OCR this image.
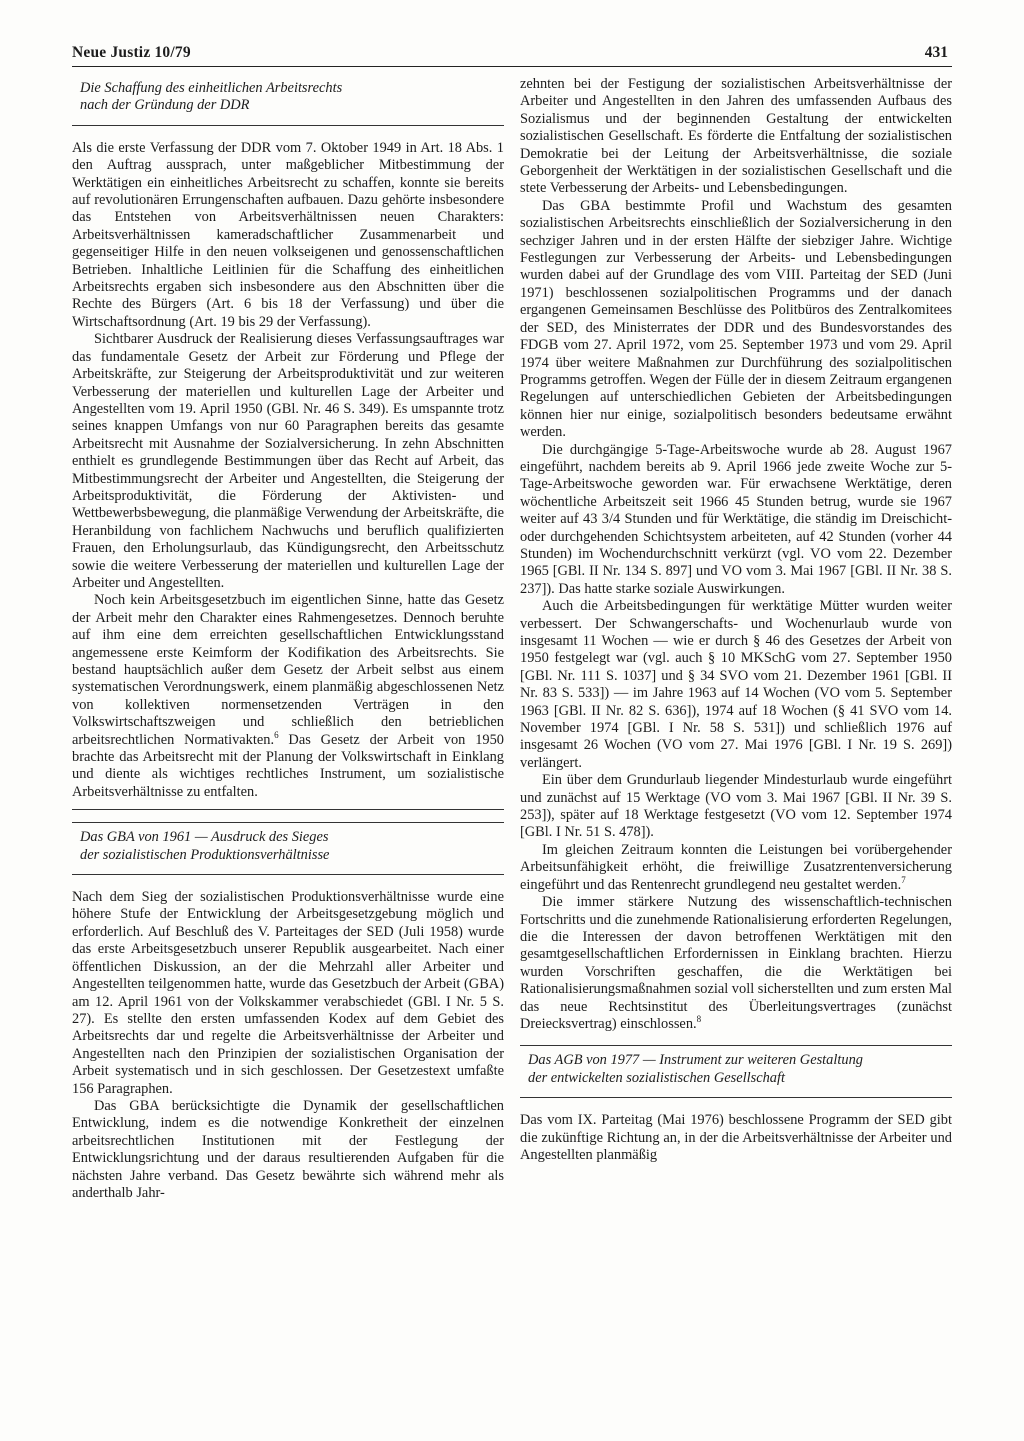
Neue Justiz 10/79	431
Die Schaffung des einheitlichen Arbeitsrechts
nach der Gründung der DDR

Als die erste Verfassung der DDR vom 7. Oktober 1949 in Art. 18 Abs. 1 den Auftrag aussprach, unter maßgeblicher Mitbestimmung der Werktätigen ein einheitliches Arbeitsrecht zu schaffen, konnte sie bereits auf revolutionären Errungenschaften aufbauen. Dazu gehörte insbesondere das Entstehen von Arbeitsverhältnissen neuen Charakters: Arbeitsverhältnissen kameradschaftlicher Zusammenarbeit und gegenseitiger Hilfe in den neuen volkseigenen und genossenschaftlichen Betrieben. Inhaltliche Leitlinien für die Schaffung des einheitlichen Arbeitsrechts ergaben sich insbesondere aus den Abschnitten über die Rechte des Bürgers (Art. 6 bis 18 der Verfassung) und über die Wirtschaftsordnung (Art. 19 bis 29 der Verfassung).

Sichtbarer Ausdruck der Realisierung dieses Verfassungsauftrages war das fundamentale Gesetz der Arbeit zur Förderung und Pflege der Arbeitskräfte, zur Steigerung der Arbeitsproduktivität und zur weiteren Verbesserung der materiellen und kulturellen Lage der Arbeiter und Angestellten vom 19. April 1950 (GBl. Nr. 46 S. 349). Es umspannte trotz seines knappen Umfangs von nur 60 Paragraphen bereits das gesamte Arbeitsrecht mit Ausnahme der Sozialversicherung. In zehn Abschnitten enthielt es grundlegende Bestimmungen über das Recht auf Arbeit, das Mitbestimmungsrecht der Arbeiter und Angestellten, die Steigerung der Arbeitsproduktivität, die Förderung der Aktivisten- und Wettbewerbsbewegung, die planmäßige Verwendung der Arbeitskräfte, die Heranbildung von fachlichem Nachwuchs und beruflich qualifizierten Frauen, den Erholungsurlaub, das Kündigungsrecht, den Arbeitsschutz sowie die weitere Verbesserung der materiellen und kulturellen Lage der Arbeiter und Angestellten.

Noch kein Arbeitsgesetzbuch im eigentlichen Sinne, hatte das Gesetz der Arbeit mehr den Charakter eines Rahmengesetzes. Dennoch beruhte auf ihm eine dem erreichten gesellschaftlichen Entwicklungsstand angemessene erste Keimform der Kodifikation des Arbeitsrechts. Sie bestand hauptsächlich außer dem Gesetz der Arbeit selbst aus einem systematischen Verordnungswerk, einem planmäßig abgeschlossenen Netz von kollektiven normensetzenden Verträgen in den Volkswirtschaftszweigen und schließlich den betrieblichen arbeitsrechtlichen Normativakten.$^6$ Das Gesetz der Arbeit von 1950 brachte das Arbeitsrecht mit der Planung der Volkswirtschaft in Einklang und diente als wichtiges rechtliches Instrument, um sozialistische Arbeitsverhältnisse zu entfalten.

Das GBA von 1961 — Ausdruck des Sieges
der sozialistischen Produktionsverhältnisse

Nach dem Sieg der sozialistischen Produktionsverhältnisse wurde eine höhere Stufe der Entwicklung der Arbeitsgesetzgebung möglich und erforderlich. Auf Beschluß des V. Parteitages der SED (Juli 1958) wurde das erste Arbeitsgesetzbuch unserer Republik ausgearbeitet. Nach einer öffentlichen Diskussion, an der die Mehrzahl aller Arbeiter und Angestellten teilgenommen hatte, wurde das Gesetzbuch der Arbeit (GBA) am 12. April 1961 von der Volkskammer verabschiedet (GBl. I Nr. 5 S. 27). Es stellte den ersten umfassenden Kodex auf dem Gebiet des Arbeitsrechts dar und regelte die Arbeitsverhältnisse der Arbeiter und Angestellten nach den Prinzipien der sozialistischen Organisation der Arbeit systematisch und in sich geschlossen. Der Gesetzestext umfaßte 156 Paragraphen.

Das GBA berücksichtigte die Dynamik der gesellschaftlichen Entwicklung, indem es die notwendige Konkretheit der einzelnen arbeitsrechtlichen Institutionen mit der Festlegung der Entwicklungsrichtung und der daraus resultierenden Aufgaben für die nächsten Jahre verband. Das Gesetz bewährte sich während mehr als anderthalb Jahr-

zehnten bei der Festigung der sozialistischen Arbeitsverhältnisse der Arbeiter und Angestellten in den Jahren des umfassenden Aufbaus des Sozialismus und der beginnenden Gestaltung der entwickelten sozialistischen Gesellschaft. Es förderte die Entfaltung der sozialistischen Demokratie bei der Leitung der Arbeitsverhältnisse, die soziale Geborgenheit der Werktätigen in der sozialistischen Gesellschaft und die stete Verbesserung der Arbeits- und Lebensbedingungen.

Das GBA bestimmte Profil und Wachstum des gesamten sozialistischen Arbeitsrechts einschließlich der Sozialversicherung in den sechziger Jahren und in der ersten Hälfte der siebziger Jahre. Wichtige Festlegungen zur Verbesserung der Arbeits- und Lebensbedingungen wurden dabei auf der Grundlage des vom VIII. Parteitag der SED (Juni 1971) beschlossenen sozialpolitischen Programms und der danach ergangenen Gemeinsamen Beschlüsse des Politbüros des Zentralkomitees der SED, des Ministerrates der DDR und des Bundesvorstandes des FDGB vom 27. April 1972, vom 25. September 1973 und vom 29. April 1974 über weitere Maßnahmen zur Durchführung des sozialpolitischen Programms getroffen. Wegen der Fülle der in diesem Zeitraum ergangenen Regelungen auf unterschiedlichen Gebieten der Arbeitsbedingungen können hier nur einige, sozialpolitisch besonders bedeutsame erwähnt werden.

Die durchgängige 5-Tage-Arbeitswoche wurde ab 28. August 1967 eingeführt, nachdem bereits ab 9. April 1966 jede zweite Woche zur 5-Tage-Arbeitswoche geworden war. Für erwachsene Werktätige, deren wöchentliche Arbeitszeit seit 1966 45 Stunden betrug, wurde sie 1967 weiter auf 43 3/4 Stunden und für Werktätige, die ständig im Dreischicht- oder durchgehenden Schichtsystem arbeiteten, auf 42 Stunden (vorher 44 Stunden) im Wochendurchschnitt verkürzt (vgl. VO vom 22. Dezember 1965 [GBl. II Nr. 134 S. 897] und VO vom 3. Mai 1967 [GBl. II Nr. 38 S. 237]). Das hatte starke soziale Auswirkungen.

Auch die Arbeitsbedingungen für werktätige Mütter wurden weiter verbessert. Der Schwangerschafts- und Wochenurlaub wurde von insgesamt 11 Wochen — wie er durch § 46 des Gesetzes der Arbeit von 1950 festgelegt war (vgl. auch § 10 MKSchG vom 27. September 1950 [GBl. Nr. 111 S. 1037] und § 34 SVO vom 21. Dezember 1961 [GBl. II Nr. 83 S. 533]) — im Jahre 1963 auf 14 Wochen (VO vom 5. September 1963 [GBl. II Nr. 82 S. 636]), 1974 auf 18 Wochen (§ 41 SVO vom 14. November 1974 [GBl. I Nr. 58 S. 531]) und schließlich 1976 auf insgesamt 26 Wochen (VO vom 27. Mai 1976 [GBl. I Nr. 19 S. 269]) verlängert.

Ein über dem Grundurlaub liegender Mindesturlaub wurde eingeführt und zunächst auf 15 Werktage (VO vom 3. Mai 1967 [GBl. II Nr. 39 S. 253]), später auf 18 Werktage festgesetzt (VO vom 12. September 1974 [GBl. I Nr. 51 S. 478]).

Im gleichen Zeitraum konnten die Leistungen bei vorübergehender Arbeitsunfähigkeit erhöht, die freiwillige Zusatzrentenversicherung eingeführt und das Rentenrecht grundlegend neu gestaltet werden.$^7$

Die immer stärkere Nutzung des wissenschaftlich-technischen Fortschritts und die zunehmende Rationalisierung erforderten Regelungen, die die Interessen der davon betroffenen Werktätigen mit den gesamtgesellschaftlichen Erfordernissen in Einklang brachten. Hierzu wurden Vorschriften geschaffen, die die Werktätigen bei Rationalisierungsmaßnahmen sozial voll sicherstellten und zum ersten Mal das neue Rechtsinstitut des Überleitungsvertrages (zunächst Dreiecksvertrag) einschlossen.$^8$

Das AGB von 1977 — Instrument zur weiteren Gestaltung
der entwickelten sozialistischen Gesellschaft

Das vom IX. Parteitag (Mai 1976) beschlossene Programm der SED gibt die zukünftige Richtung an, in der die Arbeitsverhältnisse der Arbeiter und Angestellten planmäßig
